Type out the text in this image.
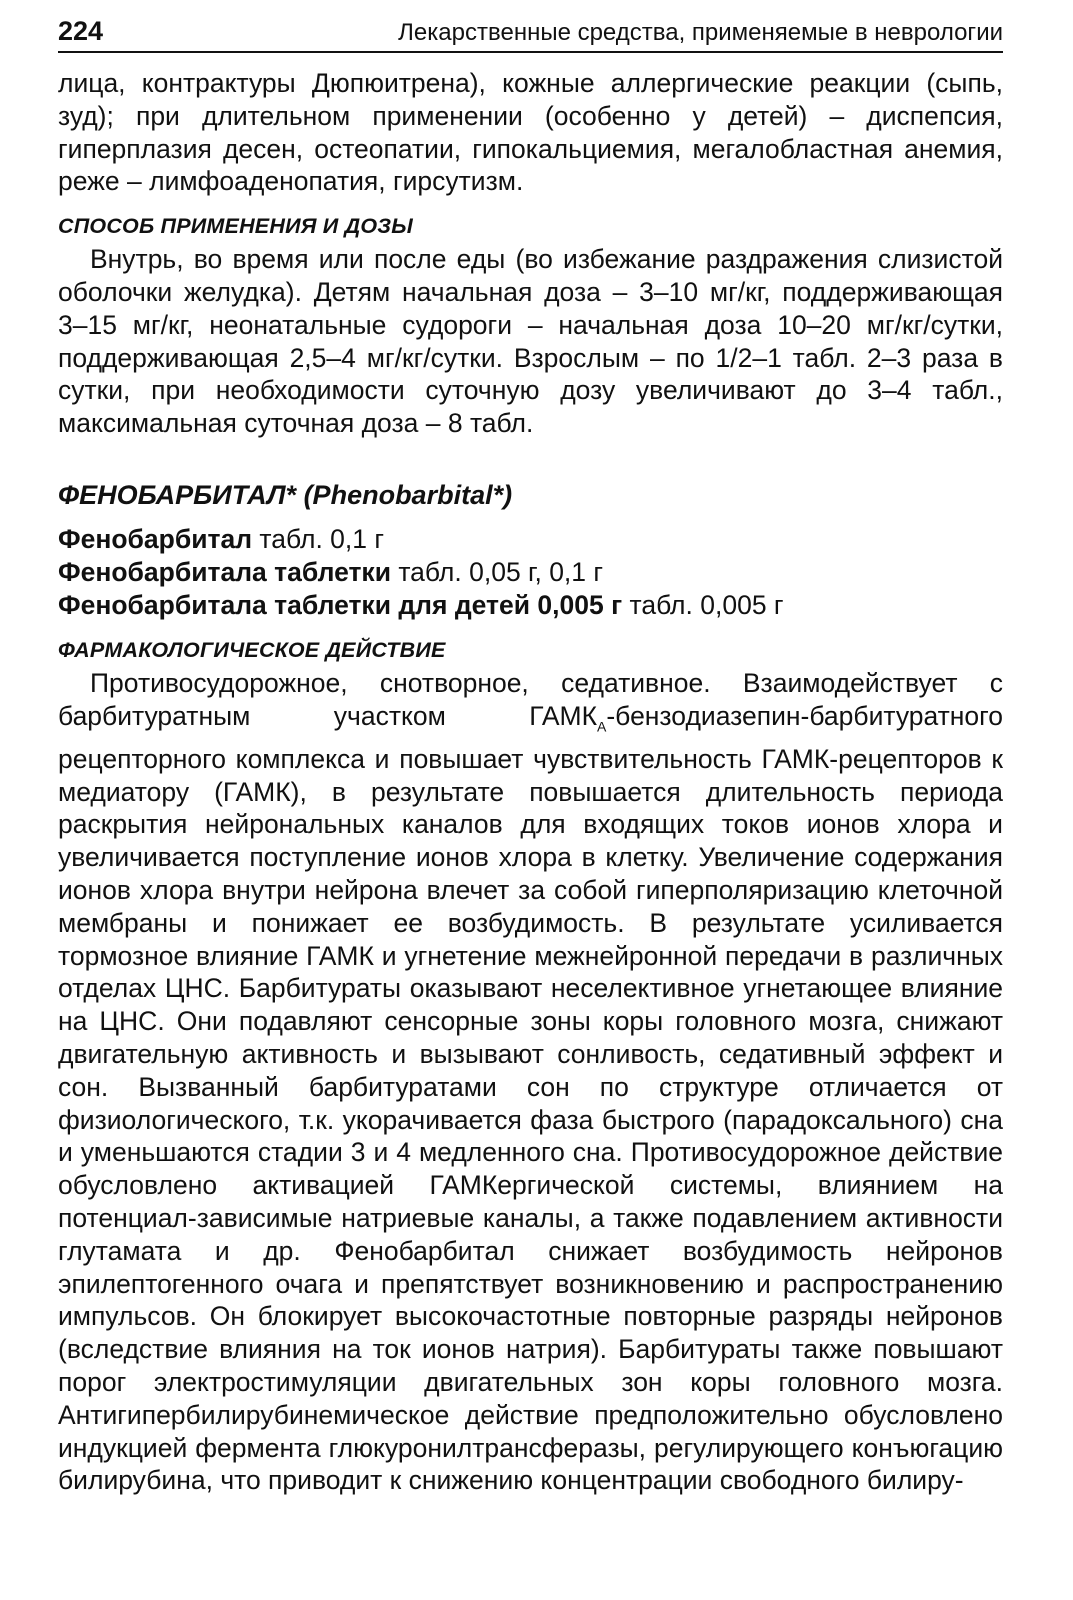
224	Лекарственные средства, применяемые в неврологии

лица, контрактуры Дюпюитрена), кожные аллергические реакции (сыпь, зуд); при длительном применении (особенно у детей) – диспепсия, гиперплазия десен, остеопатии, гипокальциемия, мегалобластная анемия, реже – лимфоаденопатия, гирсутизм.

СПОСОБ ПРИМЕНЕНИЯ И ДОЗЫ

Внутрь, во время или после еды (во избежание раздражения слизистой оболочки желудка). Детям начальная доза – 3–10 мг/кг, поддерживающая 3–15 мг/кг, неонатальные судороги – начальная доза 10–20 мг/кг/сутки, поддерживающая 2,5–4 мг/кг/сутки. Взрослым – по 1/2–1 табл. 2–3 раза в сутки, при необходимости суточную дозу увеличивают до 3–4 табл., максимальная суточная доза – 8 табл.

ФЕНОБАРБИТАЛ* (Phenobarbital*)

Фенобарбитал табл. 0,1 г

Фенобарбитала таблетки табл. 0,05 г, 0,1 г

Фенобарбитала таблетки для детей 0,005 г табл. 0,005 г

ФАРМАКОЛОГИЧЕСКОЕ ДЕЙСТВИЕ

Противосудорожное, снотворное, седативное. Взаимодействует с барбитуратным участком $ГАМК_А-бензодиазепин$-барбитуратного рецепторного комплекса и повышает чувствительность ГАМК-рецепторов к медиатору (ГАМК), в результате повышается длительность периода раскрытия нейрональных каналов для входящих токов ионов хлора и увеличивается поступление ионов хлора в клетку. Увеличение содержания ионов хлора внутри нейрона влечет за собой гиперполяризацию клеточной мембраны и понижает ее возбудимость. В результате усиливается тормозное влияние ГАМК и угнетение межнейронной передачи в различных отделах ЦНС. Барбитураты оказывают неселективное угнетающее влияние на ЦНС. Они подавляют сенсорные зоны коры головного мозга, снижают двигательную активность и вызывают сонливость, седативный эффект и сон. Вызванный барбитуратами сон по структуре отличается от физиологического, т.к. укорачивается фаза быстрого (парадоксального) сна и уменьшаются стадии 3 и 4 медленного сна. Противосудорожное действие обусловлено активацией ГАМКергической системы, влиянием на потенциал-зависимые натриевые каналы, а также подавлением активности глутамата и др. Фенобарбитал снижает возбудимость нейронов эпилептогенного очага и препятствует возникновению и распространению импульсов. Он блокирует высокочастотные повторные разряды нейронов (вследствие влияния на ток ионов натрия). Барбитураты также повышают порог электростимуляции двигательных зон коры головного мозга. Антигипербилирубинемическое действие предположительно обусловлено индукцией фермента глюкуронилтрансферазы, регулирующего конъюгацию билирубина, что приводит к снижению концентрации свободного билиру-
